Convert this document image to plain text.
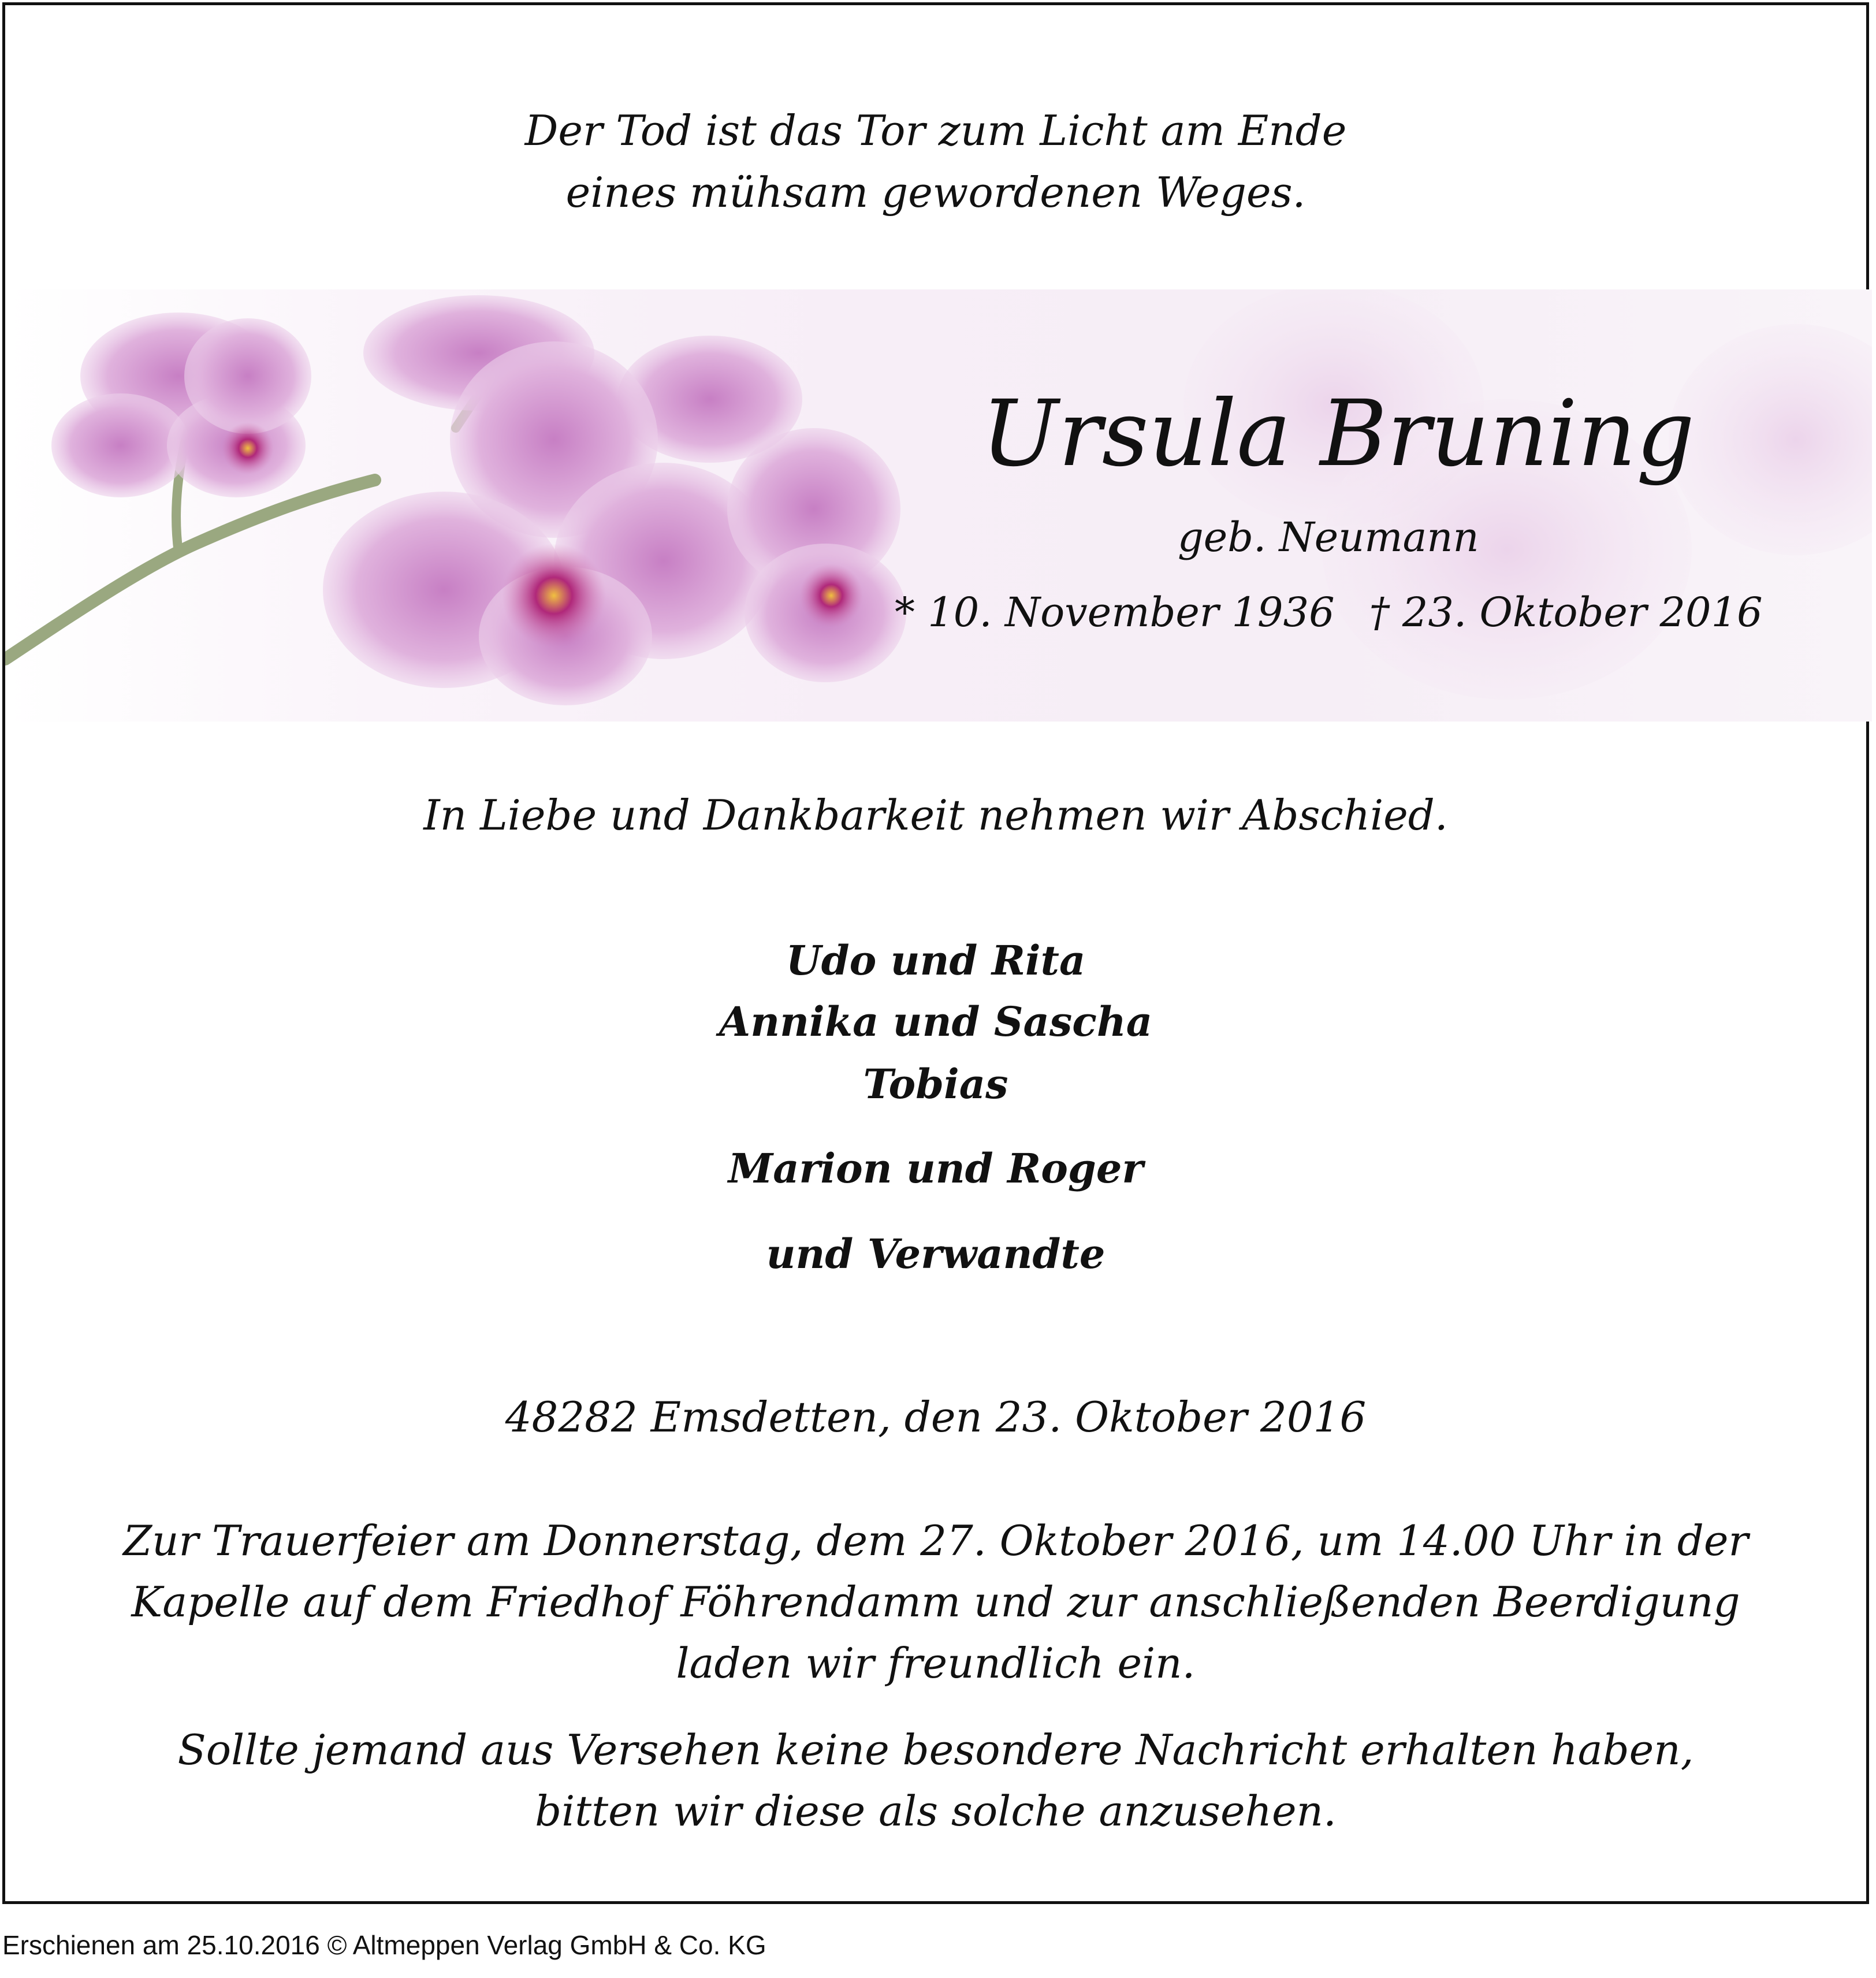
Der Tod ist das Tor zum Licht am Ende

eines mühsam gewordenen Weges.

Ursula Bruning
geb. Neumann
* 10. November 1936 † 23. Oktober 2016

In Liebe und Dankbarkeit nehmen wir Abschied.

Udo und Rita

Annika und Sascha

Tobias

Marion und Roger

und Verwandte

48282 Emsdetten, den 23. Oktober 2016

Zur Trauerfeier am Donnerstag, dem 27. Oktober 2016, um 14.00 Uhr in der

Kapelle auf dem Friedhof Föhrendamm und zur anschließenden Beerdigung

laden wir freundlich ein.

Sollte jemand aus Versehen keine besondere Nachricht erhalten haben,

bitten wir diese als solche anzusehen.

Erschienen am 25.10.2016 © Altmeppen Verlag GmbH & Co. KG
